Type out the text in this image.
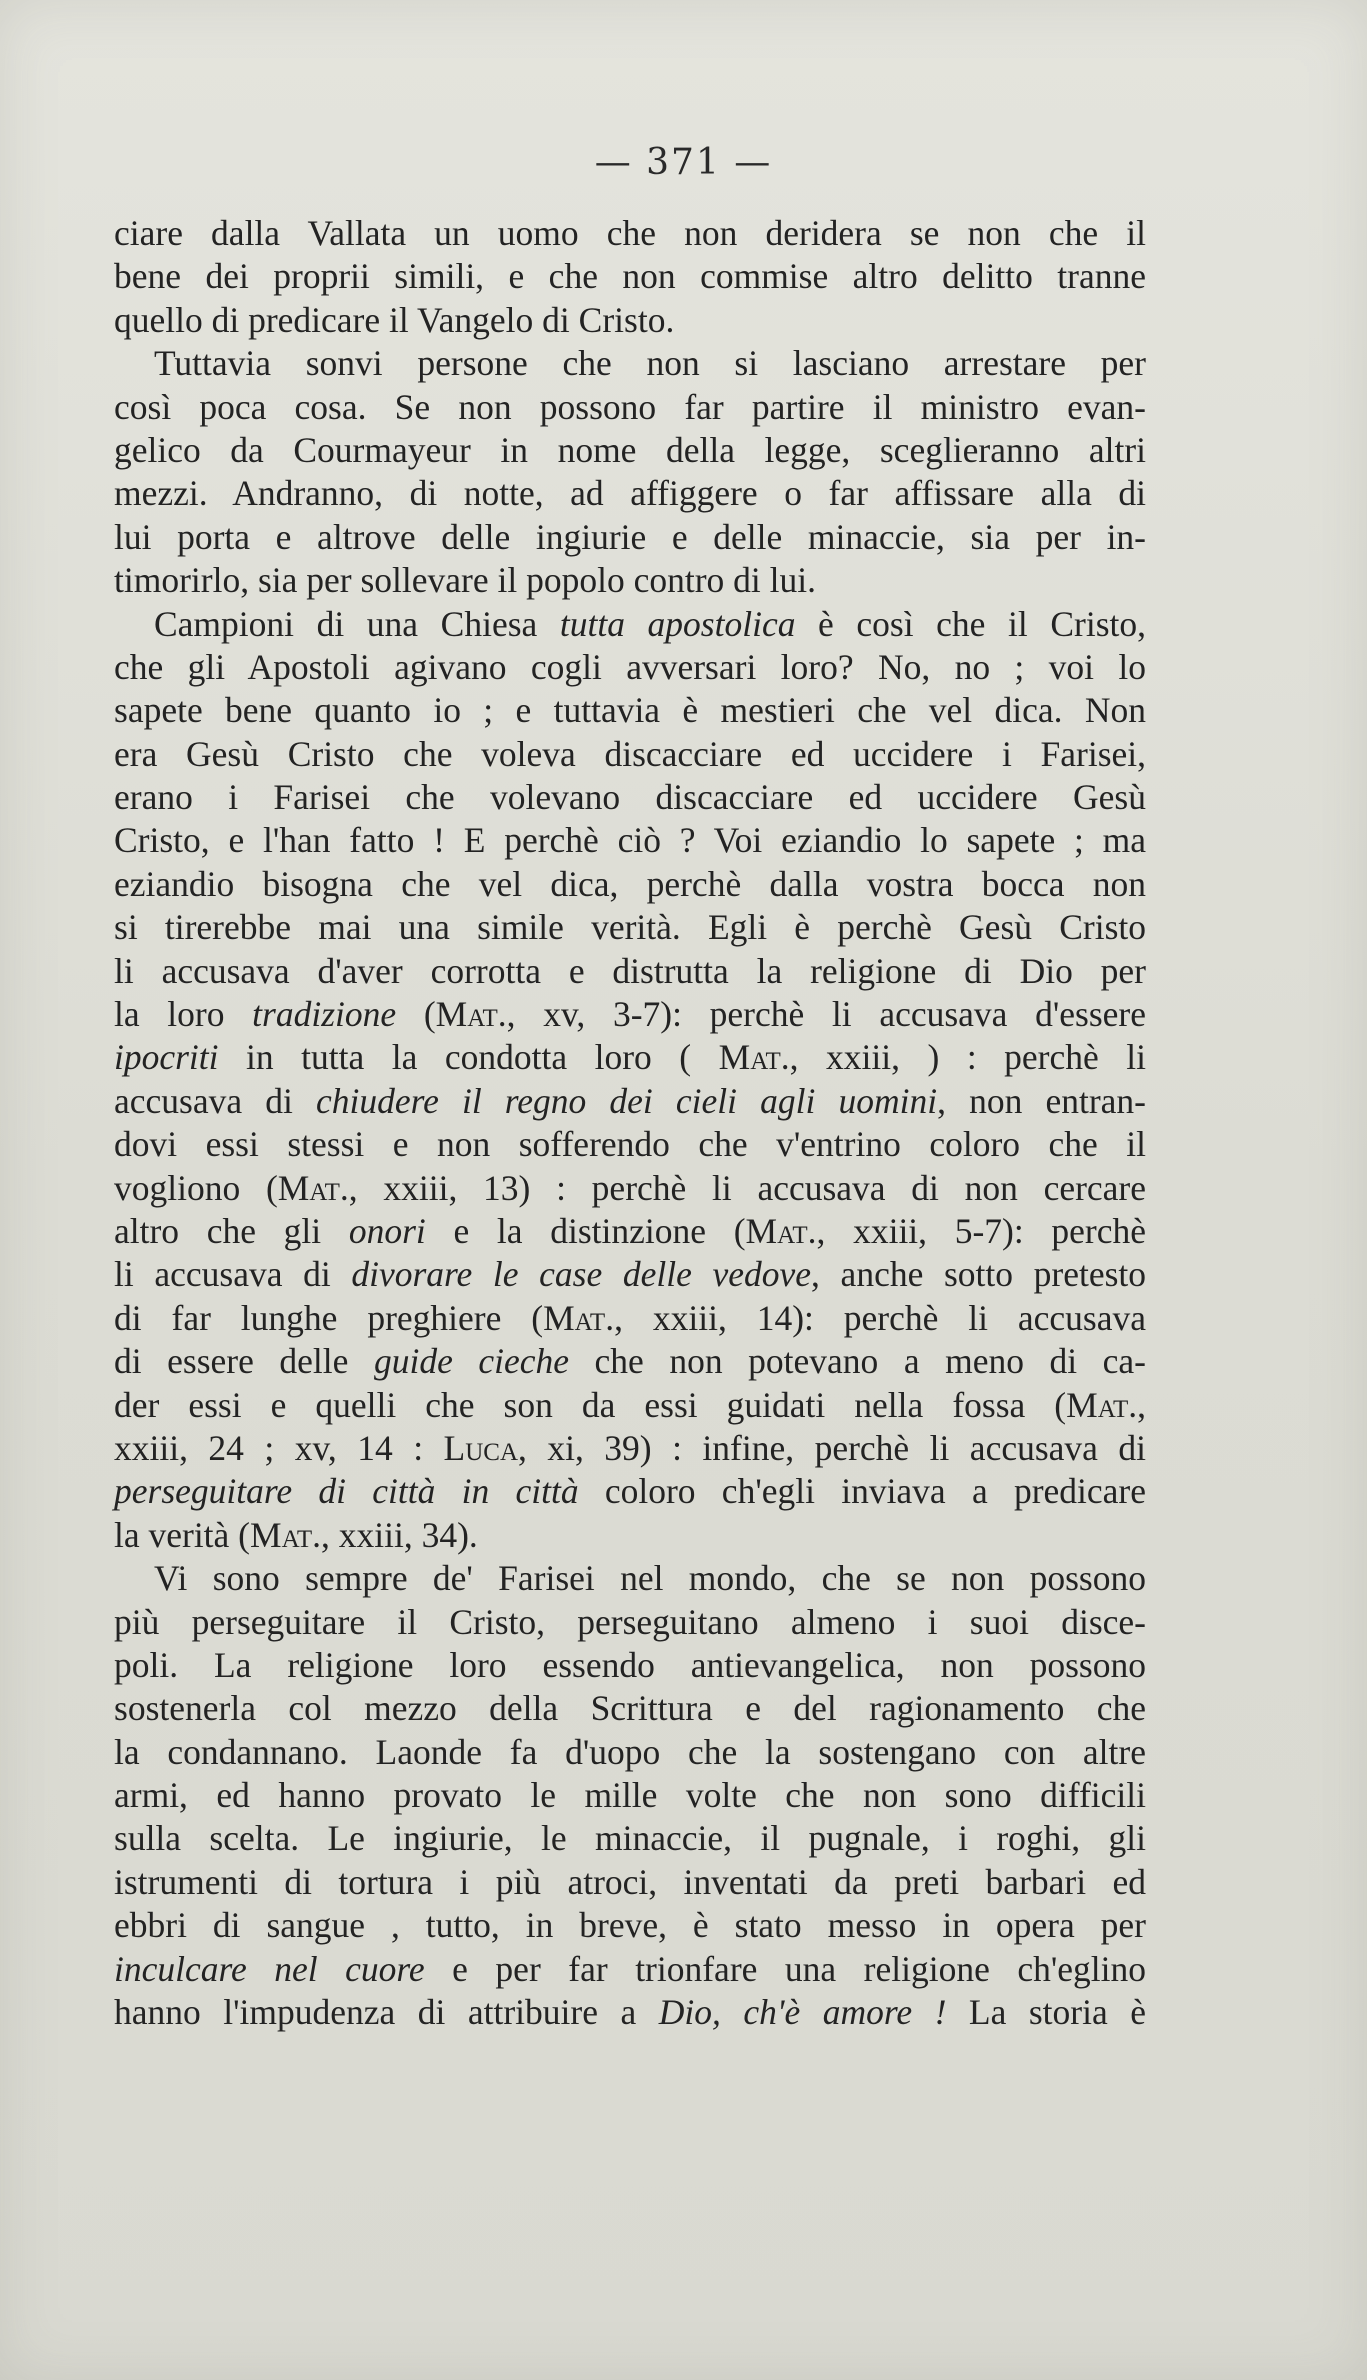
— 371 —
ciare dalla Vallata un uomo che non deridera se non che il
bene dei proprii simili, e che non commise altro delitto tranne
quello di predicare il Vangelo di Cristo.
Tuttavia sonvi persone che non si lasciano arrestare per
così poca cosa. Se non possono far partire il ministro evan-
gelico da Courmayeur in nome della legge, sceglieranno altri
mezzi. Andranno, di notte, ad affiggere o far affissare alla di
lui porta e altrove delle ingiurie e delle minaccie, sia per in-
timorirlo, sia per sollevare il popolo contro di lui.
Campioni di una Chiesa tutta apostolica è così che il Cristo,
che gli Apostoli agivano cogli avversari loro? No, no ; voi lo
sapete bene quanto io ; e tuttavia è mestieri che vel dica. Non
era Gesù Cristo che voleva discacciare ed uccidere i Farisei,
erano i Farisei che volevano discacciare ed uccidere Gesù
Cristo, e l'han fatto ! E perchè ciò ? Voi eziandio lo sapete ; ma
eziandio bisogna che vel dica, perchè dalla vostra bocca non
si tirerebbe mai una simile verità. Egli è perchè Gesù Cristo
li accusava d'aver corrotta e distrutta la religione di Dio per
la loro tradizione (Mat., xv, 3-7): perchè li accusava d'essere
ipocriti in tutta la condotta loro ( Mat., xxiii, ) : perchè li
accusava di chiudere il regno dei cieli agli uomini, non entran-
dovi essi stessi e non sofferendo che v'entrino coloro che il
vogliono (Mat., xxiii, 13) : perchè li accusava di non cercare
altro che gli onori e la distinzione (Mat., xxiii, 5-7): perchè
li accusava di divorare le case delle vedove, anche sotto pretesto
di far lunghe preghiere (Mat., xxiii, 14): perchè li accusava
di essere delle guide cieche che non potevano a meno di ca-
der essi e quelli che son da essi guidati nella fossa (Mat.,
xxiii, 24 ; xv, 14 : Luca, xi, 39) : infine, perchè li accusava di
perseguitare di città in città coloro ch'egli inviava a predicare
la verità (Mat., xxiii, 34).
Vi sono sempre de' Farisei nel mondo, che se non possono
più perseguitare il Cristo, perseguitano almeno i suoi disce-
poli. La religione loro essendo antievangelica, non possono
sostenerla col mezzo della Scrittura e del ragionamento che
la condannano. Laonde fa d'uopo che la sostengano con altre
armi, ed hanno provato le mille volte che non sono difficili
sulla scelta. Le ingiurie, le minaccie, il pugnale, i roghi, gli
istrumenti di tortura i più atroci, inventati da preti barbari ed
ebbri di sangue , tutto, in breve, è stato messo in opera per
inculcare nel cuore e per far trionfare una religione ch'eglino
hanno l'impudenza di attribuire a Dio, ch'è amore ! La storia è
